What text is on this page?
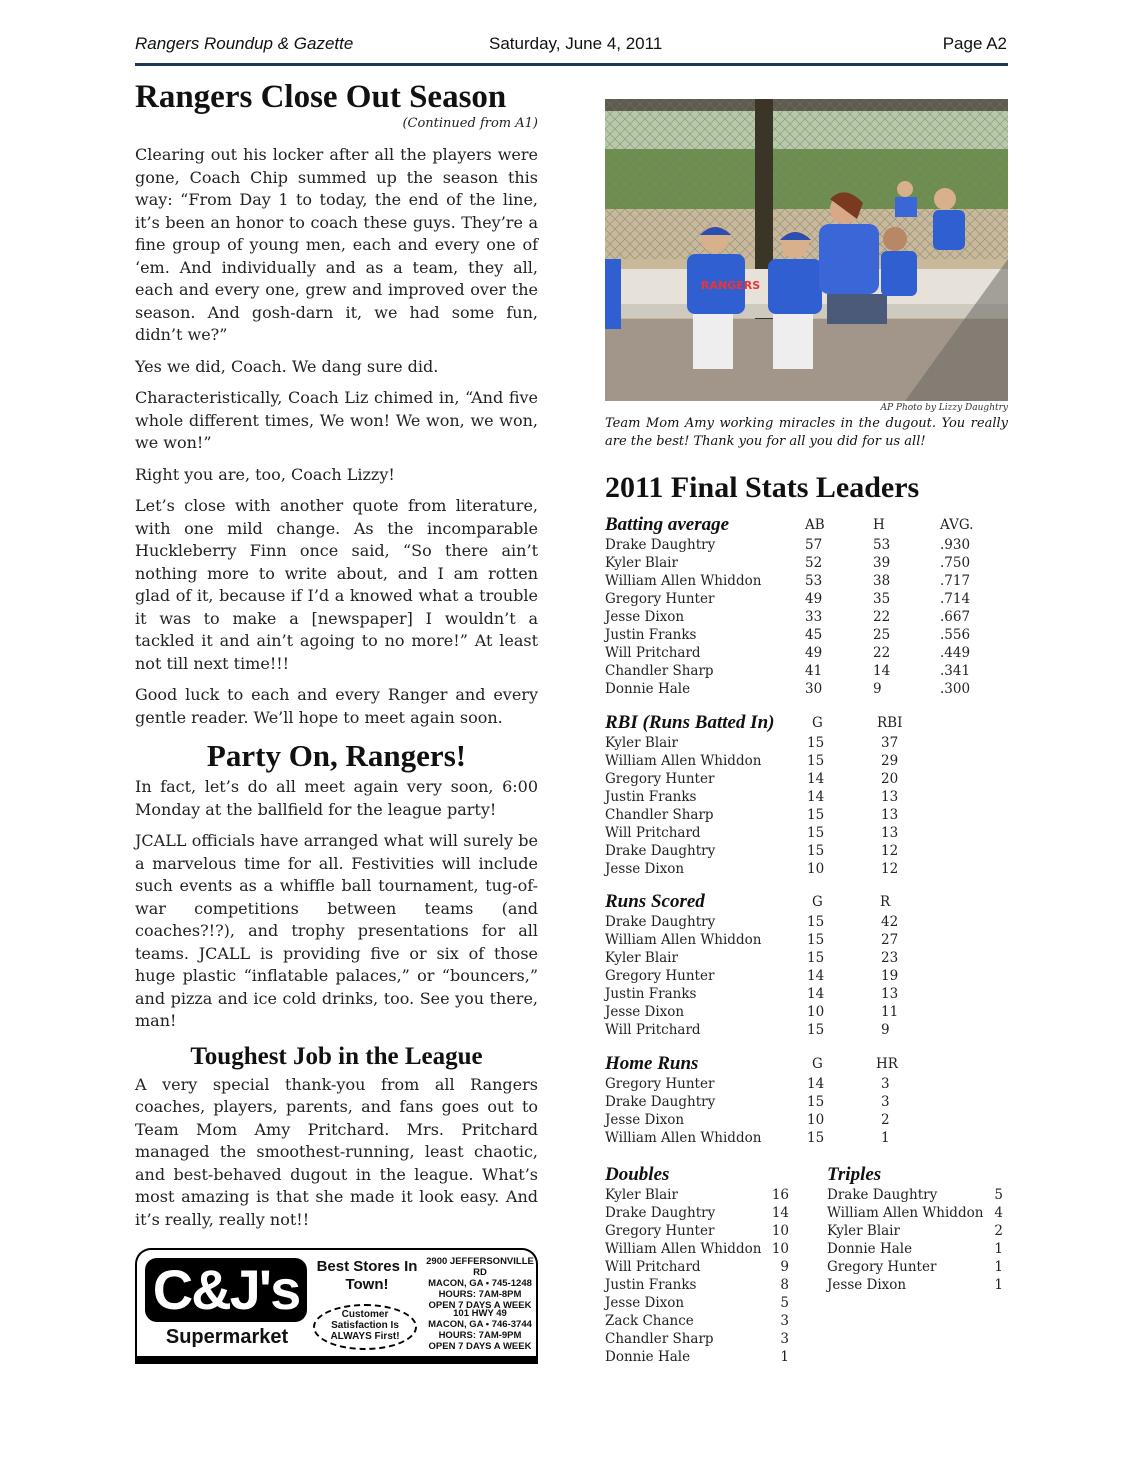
Rangers Roundup & Gazette	Saturday, June 4, 2011	Page A2
Rangers Close Out Season
(Continued from A1)

Clearing out his locker after all the players were gone, Coach Chip summed up the season this way: “From Day 1 to today, the end of the line, it’s been an honor to coach these guys. They’re a fine group of young men, each and every one of ‘em. And individually and as a team, they all, each and every one, grew and improved over the season. And gosh-darn it, we had some fun, didn’t we?”

Yes we did, Coach. We dang sure did.

Characteristically, Coach Liz chimed in, “And five whole different times, We won! We won, we won, we won!”

Right you are, too, Coach Lizzy!

Let’s close with another quote from literature, with one mild change. As the incomparable Huckleberry Finn once said, “So there ain’t nothing more to write about, and I am rotten glad of it, because if I’d a knowed what a trouble it was to make a [newspaper] I wouldn’t a tackled it and ain’t agoing to no more!” At least not till next time!!!

Good luck to each and every Ranger and every gentle reader. We’ll hope to meet again soon.

Party On, Rangers!

In fact, let’s do all meet again very soon, 6:00 Monday at the ballfield for the league party!

JCALL officials have arranged what will surely be a marvelous time for all. Festivities will include such events as a whiffle ball tournament, tug-of-war competitions between teams (and coaches?!?), and trophy presentations for all teams. JCALL is providing five or six of those huge plastic “inflatable palaces,” or “bouncers,” and pizza and ice cold drinks, too. See you there, man!

Toughest Job in the League

A very special thank-you from all Rangers coaches, players, parents, and fans goes out to Team Mom Amy Pritchard. Mrs. Pritchard managed the smoothest-running, least chaotic, and best-behaved dugout in the league. What’s most amazing is that she made it look easy. And it’s really, really not!!

C&J's
Supermarket
Best Stores In Town!
Customer Satisfaction Is ALWAYS First!
2900 JEFFERSONVILLE RD
MACON, GA • 745-1248
HOURS: 7AM-8PM
OPEN 7 DAYS A WEEK
101 HWY 49
MACON, GA • 746-3744
HOURS: 7AM-9PM
OPEN 7 DAYS A WEEK
RANGERS
AP Photo by Lizzy Daughtry
Team Mom Amy working miracles in the dugout. You really are the best! Thank you for all you did for us all!
2011 Final Stats Leaders
Batting average	AB	H	AVG.
Drake Daughtry	57	53	.930
Kyler Blair	52	39	.750
William Allen Whiddon	53	38	.717
Gregory Hunter	49	35	.714
Jesse Dixon	33	22	.667
Justin Franks	45	25	.556
Will Pritchard	49	22	.449
Chandler Sharp	41	14	.341
Donnie Hale	30	9	.300
RBI (Runs Batted In)	G	RBI
Kyler Blair	15	37
William Allen Whiddon	15	29
Gregory Hunter	14	20
Justin Franks	14	13
Chandler Sharp	15	13
Will Pritchard	15	13
Drake Daughtry	15	12
Jesse Dixon	10	12
Runs Scored	G	R
Drake Daughtry	15	42
William Allen Whiddon	15	27
Kyler Blair	15	23
Gregory Hunter	14	19
Justin Franks	14	13
Jesse Dixon	10	11
Will Pritchard	15	9
Home Runs	G	HR
Gregory Hunter	14	3
Drake Daughtry	15	3
Jesse Dixon	10	2
William Allen Whiddon	15	1
Doubles
Kyler Blair	16
Drake Daughtry	14
Gregory Hunter	10
William Allen Whiddon 10
Will Pritchard	9
Justin Franks	8
Jesse Dixon	5
Zack Chance	3
Chandler Sharp	3
Donnie Hale	1
Triples
Drake Daughtry	5
William Allen Whiddon 4
Kyler Blair	2
Donnie Hale	1
Gregory Hunter	1
Jesse Dixon	1
